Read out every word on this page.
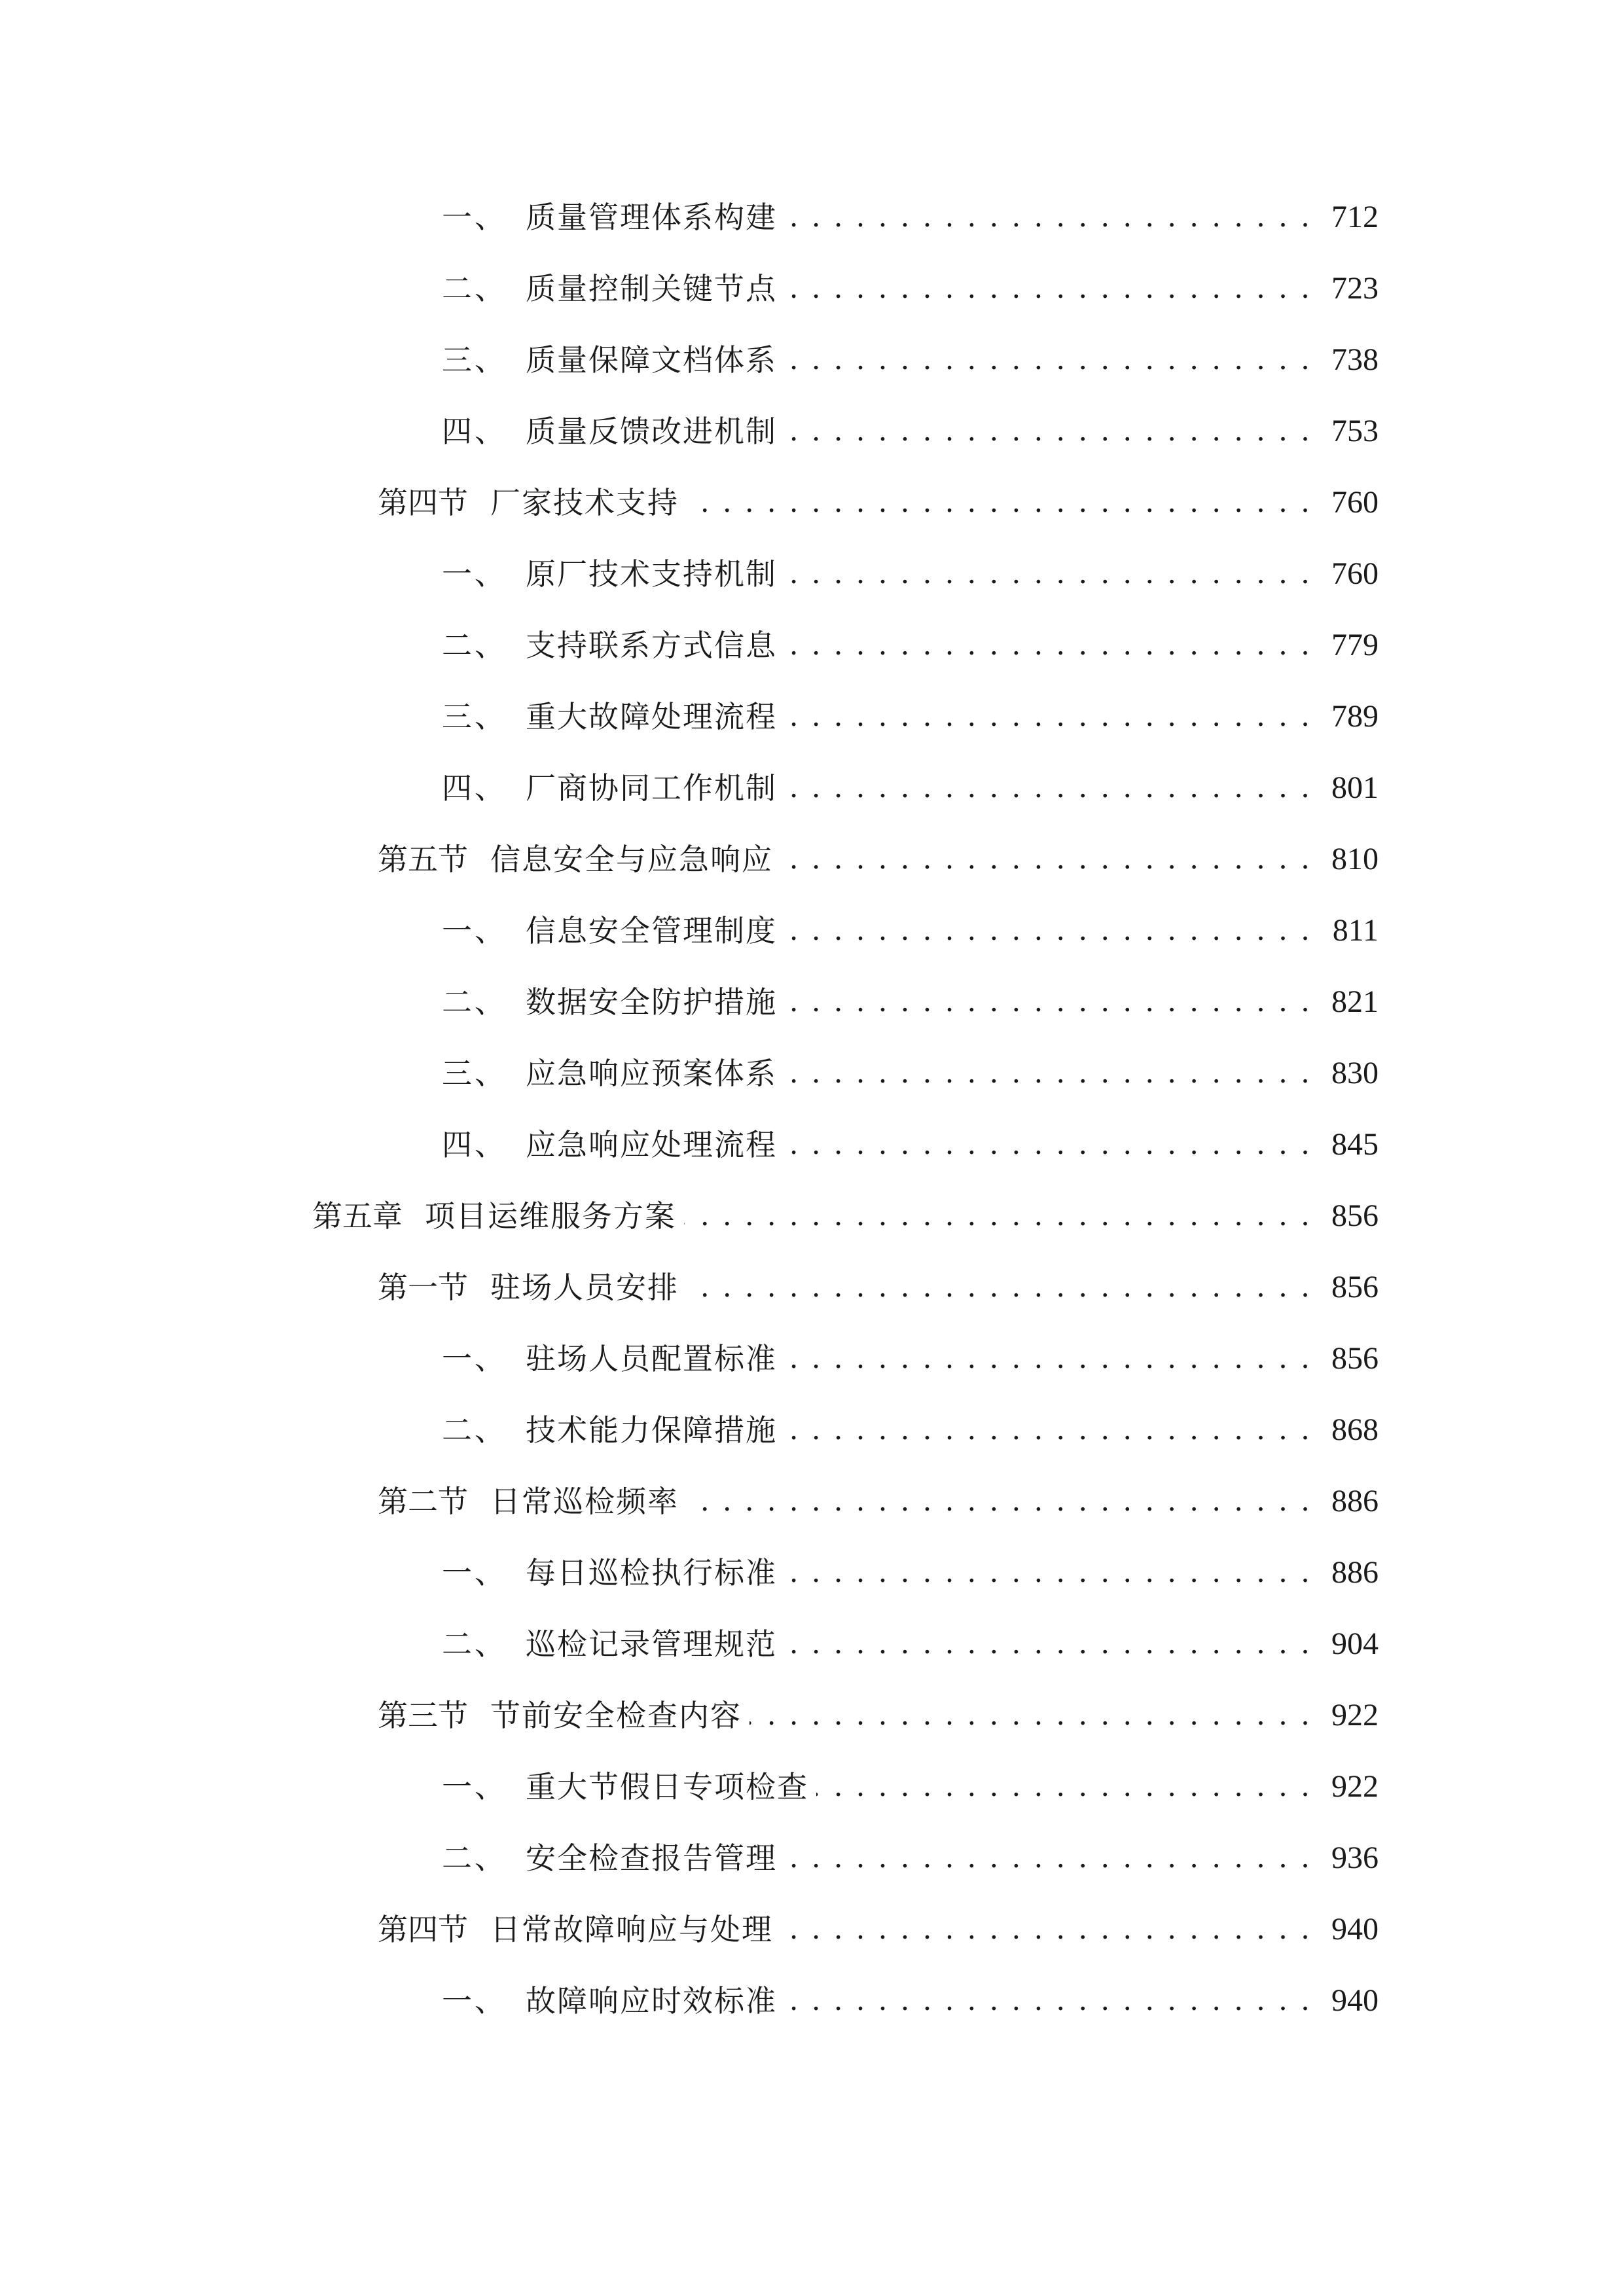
一、 质量管理体系构建 . . .	712
二、 质量控制关键节点 . . .	723
三、 质量保障文档体系 . . .	738
四、 质量反馈改进机制 . . .	753
第四节 厂家技术支持 . . .	760
一、 原厂技术支持机制 . . .	760
二、 支持联系方式信息 . . .	779
三、 重大故障处理流程 . . .	789
四、 厂商协同工作机制 . . .	801
第五节 信息安全与应急响应 . . .	810
一、 信息安全管理制度 . . .	811
二、 数据安全防护措施 . . .	821
三、 应急响应预案体系 . . .	830
四、 应急响应处理流程 . . .	845
第五章 项目运维服务方案 . . .	856
第一节 驻场人员安排 . . .	856
一、 驻场人员配置标准 . . .	856
二、 技术能力保障措施 . . .	868
第二节 日常巡检频率 . . .	886
一、 每日巡检执行标准 . . .	886
二、 巡检记录管理规范 . . .	904
第三节 节前安全检查内容 . . .	922
一、 重大节假日专项检查 . . .	922
二、 安全检查报告管理 . . .	936
第四节 日常故障响应与处理 . . .	940
一、 故障响应时效标准 . . .	940
